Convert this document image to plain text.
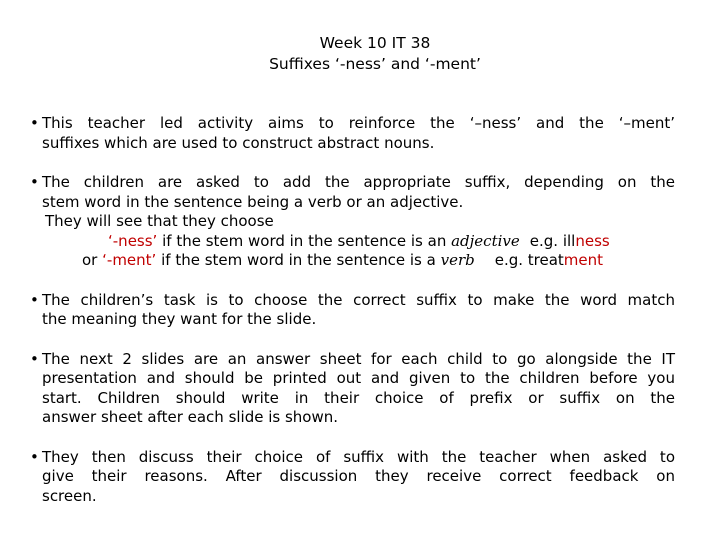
Week 10 IT 38
Suffixes ‘-ness’ and ‘-ment’
• This teacher led activity aims to reinforce the ‘–ness’ and the ‘–ment’
suffixes which are used to construct abstract nouns.
• The children are asked to add the appropriate suffix, depending on the
stem word in the sentence being a verb or an adjective.
They will see that they choose
‘-ness’ if the stem word in the sentence is an adjective e.g. illness
or ‘-ment’ if the stem word in the sentence is a verb e.g. treatment
• The children’s task is to choose the correct suffix to make the word match
the meaning they want for the slide.
• The next 2 slides are an answer sheet for each child to go alongside the IT
presentation and should be printed out and given to the children before you
start. Children should write in their choice of prefix or suffix on the
answer sheet after each slide is shown.
• They then discuss their choice of suffix with the teacher when asked to
give their reasons. After discussion they receive correct feedback on
screen.
